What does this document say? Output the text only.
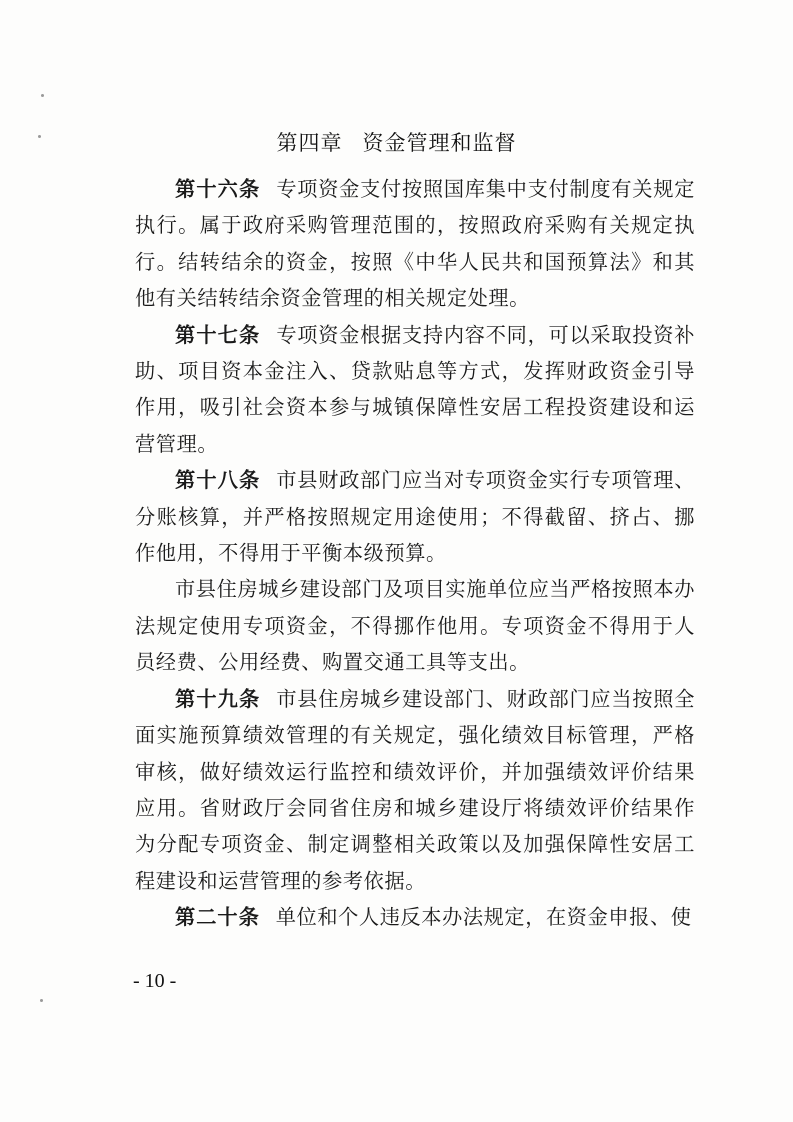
第四章 资金管理和监督

第十六条 专项资金支付按照国库集中支付制度有关规定执行。属于政府采购管理范围的，按照政府采购有关规定执行。结转结余的资金，按照《中华人民共和国预算法》和其他有关结转结余资金管理的相关规定处理。

第十七条 专项资金根据支持内容不同，可以采取投资补助、项目资本金注入、贷款贴息等方式，发挥财政资金引导作用，吸引社会资本参与城镇保障性安居工程投资建设和运营管理。

第十八条 市县财政部门应当对专项资金实行专项管理、分账核算，并严格按照规定用途使用；不得截留、挤占、挪作他用，不得用于平衡本级预算。

市县住房城乡建设部门及项目实施单位应当严格按照本办法规定使用专项资金，不得挪作他用。专项资金不得用于人员经费、公用经费、购置交通工具等支出。

第十九条 市县住房城乡建设部门、财政部门应当按照全面实施预算绩效管理的有关规定，强化绩效目标管理，严格审核，做好绩效运行监控和绩效评价，并加强绩效评价结果应用。省财政厅会同省住房和城乡建设厅将绩效评价结果作为分配专项资金、制定调整相关政策以及加强保障性安居工程建设和运营管理的参考依据。

第二十条 单位和个人违反本办法规定，在资金申报、使

- 10 -
